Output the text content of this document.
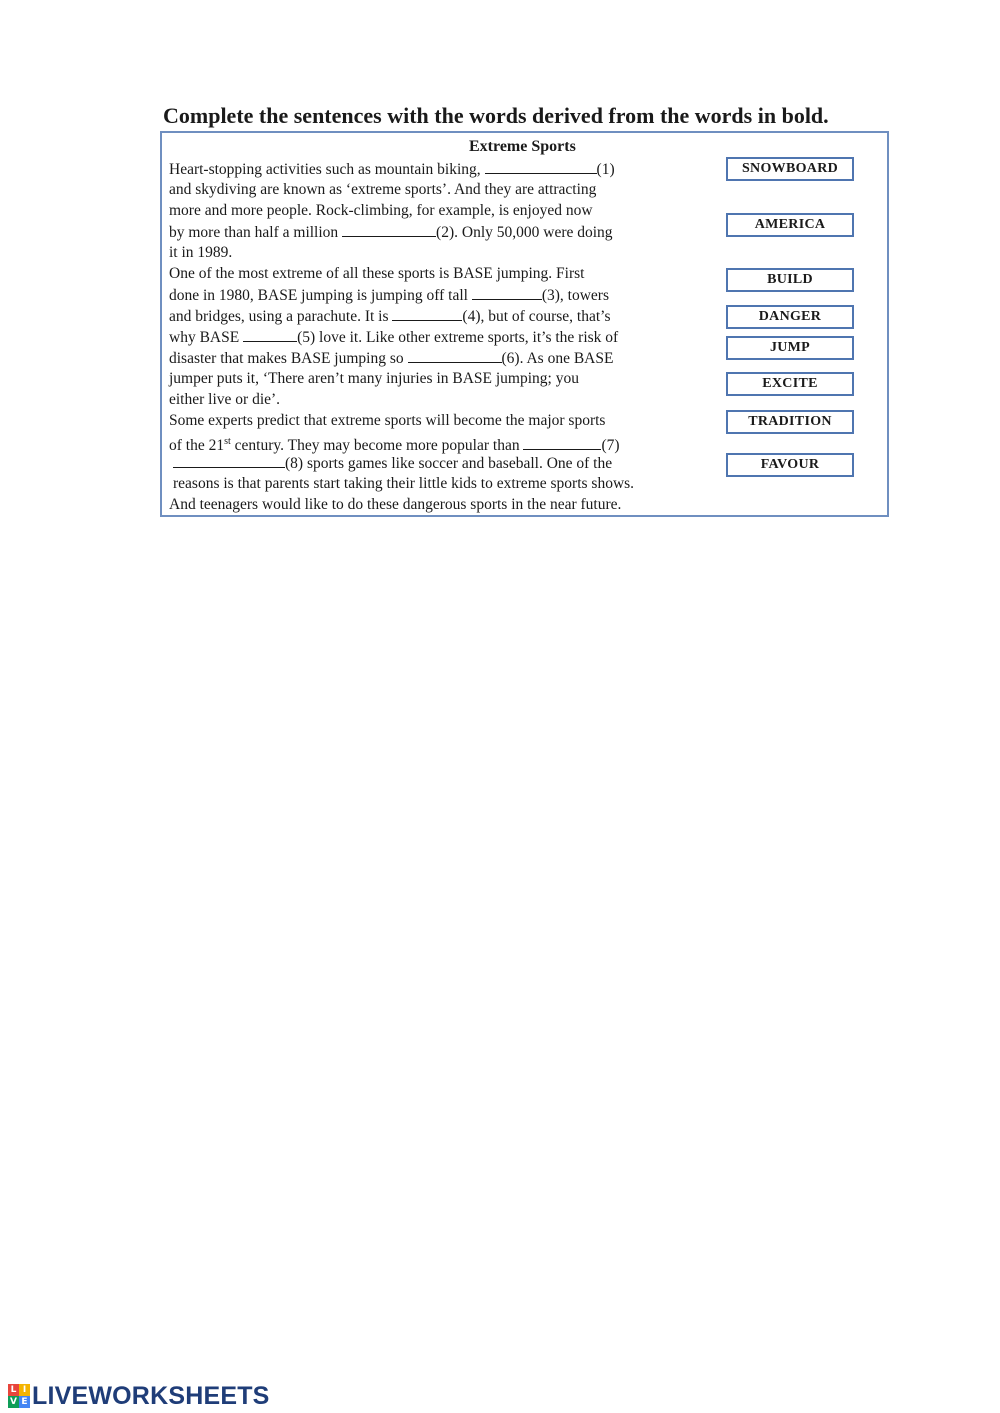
Complete the sentences with the words derived from the words in bold.
Extreme Sports
Heart-stopping activities such as mountain biking,	(1)
and skydiving are known as ‘extreme sports’. And they are attracting
more and more people. Rock-climbing, for example, is enjoyed now
by more than half a million	(2). Only 50,000 were doing
it in 1989.
One of the most extreme of all these sports is BASE jumping. First
done in 1980, BASE jumping is jumping off tall	(3), towers
and bridges, using a parachute. It is	(4), but of course, that’s
why BASE	(5) love it. Like other extreme sports, it’s the risk of
disaster that makes BASE jumping so	(6). As one BASE
jumper puts it, ‘There aren’t many injuries in BASE jumping; you
either live or die’.
Some experts predict that extreme sports will become the major sports
of the 21st century. They may become more popular than	(7)
(8) sports games like soccer and baseball. One of the
reasons is that parents start taking their little kids to extreme sports shows.
And teenagers would like to do these dangerous sports in the near future.
SNOWBOARD
AMERICA
BUILD
DANGER
JUMP
EXCITE
TRADITION
FAVOUR
L I
V E LIVEWORKSHEETS
